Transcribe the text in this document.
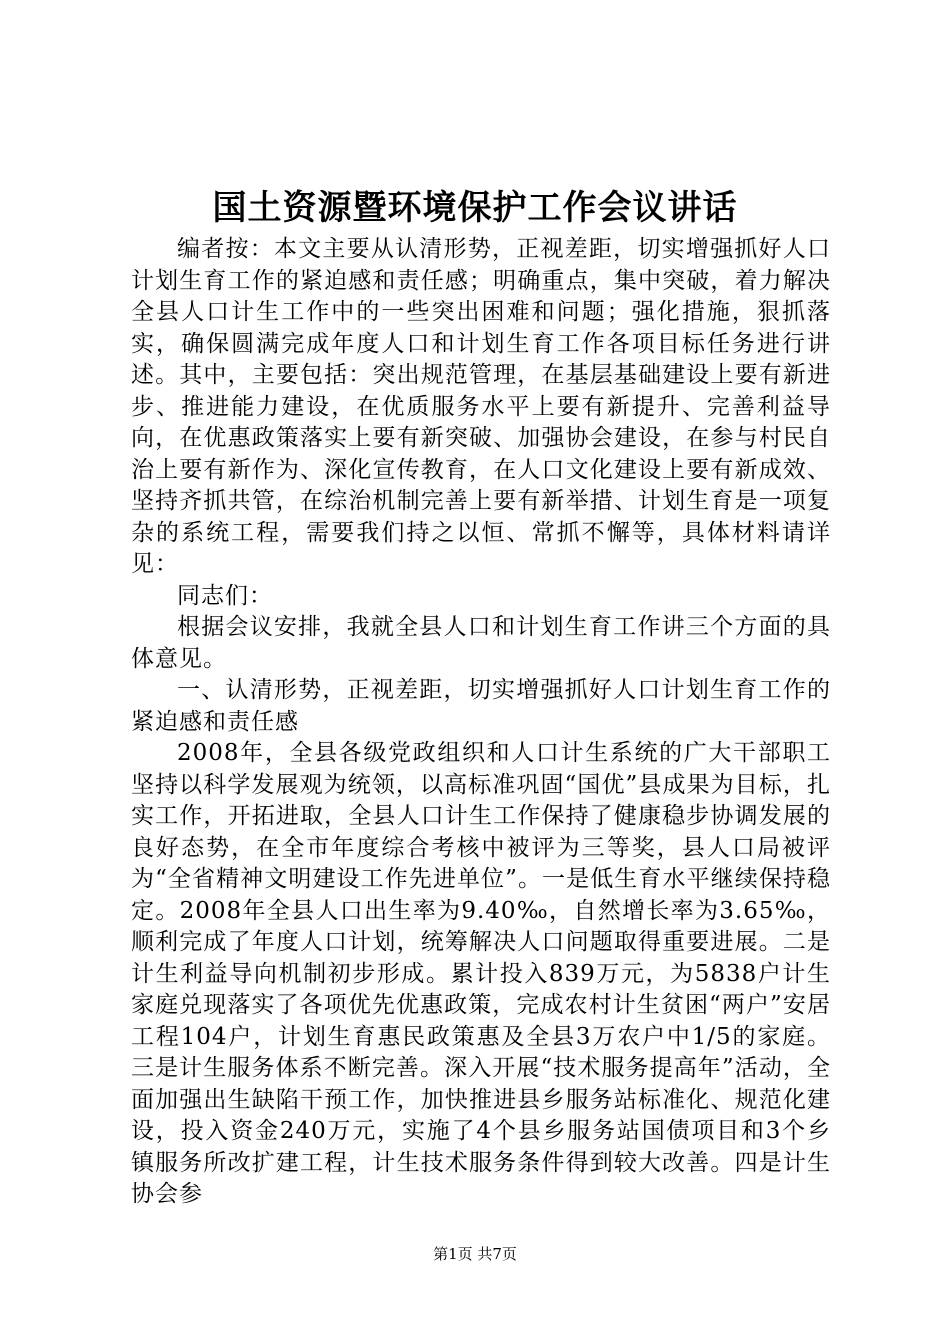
国土资源暨环境保护工作会议讲话

编者按：本文主要从认清形势，正视差距，切实增强抓好人口计划生育工作的紧迫感和责任感；明确重点，集中突破，着力解决全县人口计生工作中的一些突出困难和问题；强化措施，狠抓落实，确保圆满完成年度人口和计划生育工作各项目标任务进行讲述。其中，主要包括：突出规范管理，在基层基础建设上要有新进步、推进能力建设，在优质服务水平上要有新提升、完善利益导向，在优惠政策落实上要有新突破、加强协会建设，在参与村民自治上要有新作为、深化宣传教育，在人口文化建设上要有新成效、坚持齐抓共管，在综治机制完善上要有新举措、计划生育是一项复杂的系统工程，需要我们持之以恒、常抓不懈等，具体材料请详见：

同志们：

根据会议安排，我就全县人口和计划生育工作讲三个方面的具体意见。

一、认清形势，正视差距，切实增强抓好人口计划生育工作的紧迫感和责任感

2008年，全县各级党政组织和人口计生系统的广大干部职工坚持以科学发展观为统领，以高标准巩固“国优”县成果为目标，扎实工作，开拓进取，全县人口计生工作保持了健康稳步协调发展的良好态势，在全市年度综合考核中被评为三等奖，县人口局被评为“全省精神文明建设工作先进单位”。一是低生育水平继续保持稳定。2008年全县人口出生率为9.40‰，自然增长率为3.65‰，顺利完成了年度人口计划，统筹解决人口问题取得重要进展。二是计生利益导向机制初步形成。累计投入839万元，为5838户计生家庭兑现落实了各项优先优惠政策，完成农村计生贫困“两户”安居工程104户，计划生育惠民政策惠及全县3万农户中1/5的家庭。三是计生服务体系不断完善。深入开展“技术服务提高年”活动，全面加强出生缺陷干预工作，加快推进县乡服务站标准化、规范化建设，投入资金240万元，实施了4个县乡服务站国债项目和3个乡镇服务所改扩建工程，计生技术服务条件得到较大改善。四是计生协会参

第1页 共7页
